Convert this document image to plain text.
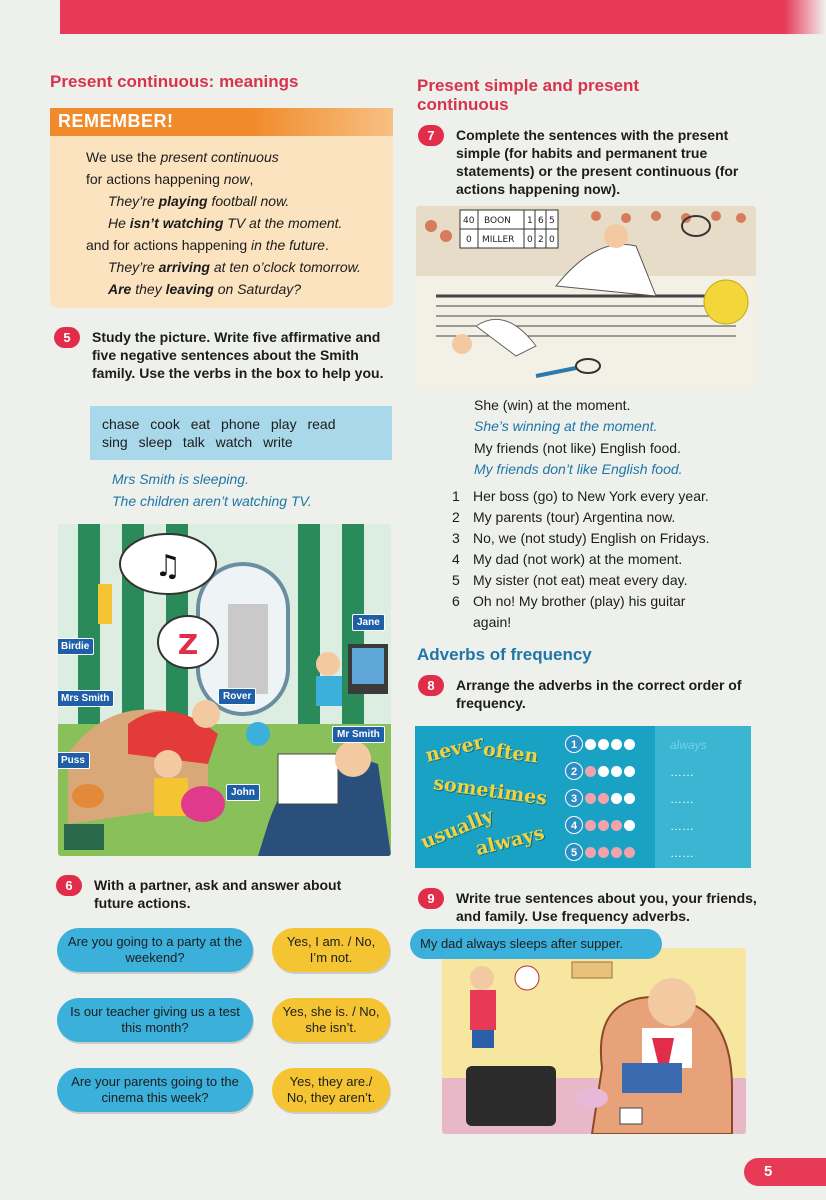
Present continuous: meanings
REMEMBER!
We use the present continuous
for actions happening now,
They’re playing football now.
He isn’t watching TV at the moment.
and for actions happening in the future.
They’re arriving at ten o’clock tomorrow.
Are they leaving on Saturday?
5	Study the picture. Write five affirmative and five negative sentences about the Smith family. Use the verbs in the box to help you.
chase cook eat phone play read
sing sleep talk watch write
Mrs Smith is sleeping.
The children aren’t watching TV.
♫
Z
Birdie
Jane
Mrs Smith	Rover
Mr Smith
Puss
John
6	With a partner, ask and answer about future actions.
Are you going to a party at the weekend?
Yes, I am. / No, I’m not.
Is our teacher giving us a test this month?
Yes, she is. / No, she isn’t.
Are your parents going to the cinema this week?
Yes, they are./ No, they aren’t.
Present simple and present continuous
7	Complete the sentences with the present simple (for habits and permanent true statements) or the present continuous (for actions happening now).
40 BOON 1 6 5
0 MILLER 0 2 0
She (win) at the moment.
She’s winning at the moment.
My friends (not like) English food.
My friends don’t like English food.
1 Her boss (go) to New York every year.
2 My parents (tour) Argentina now.
3 No, we (not study) English on Fridays.
4 My dad (not work) at the moment.
5 My sister (not eat) meat every day.
6 Oh no! My brother (play) his guitar again!
Adverbs of frequency
8	Arrange the adverbs in the correct order of frequency.
never
often
sometimes
usually
always
1
2
3
4
5
always
……
……
……
……
9	Write true sentences about you, your friends, and family. Use frequency adverbs.
My dad always sleeps after supper.
5
